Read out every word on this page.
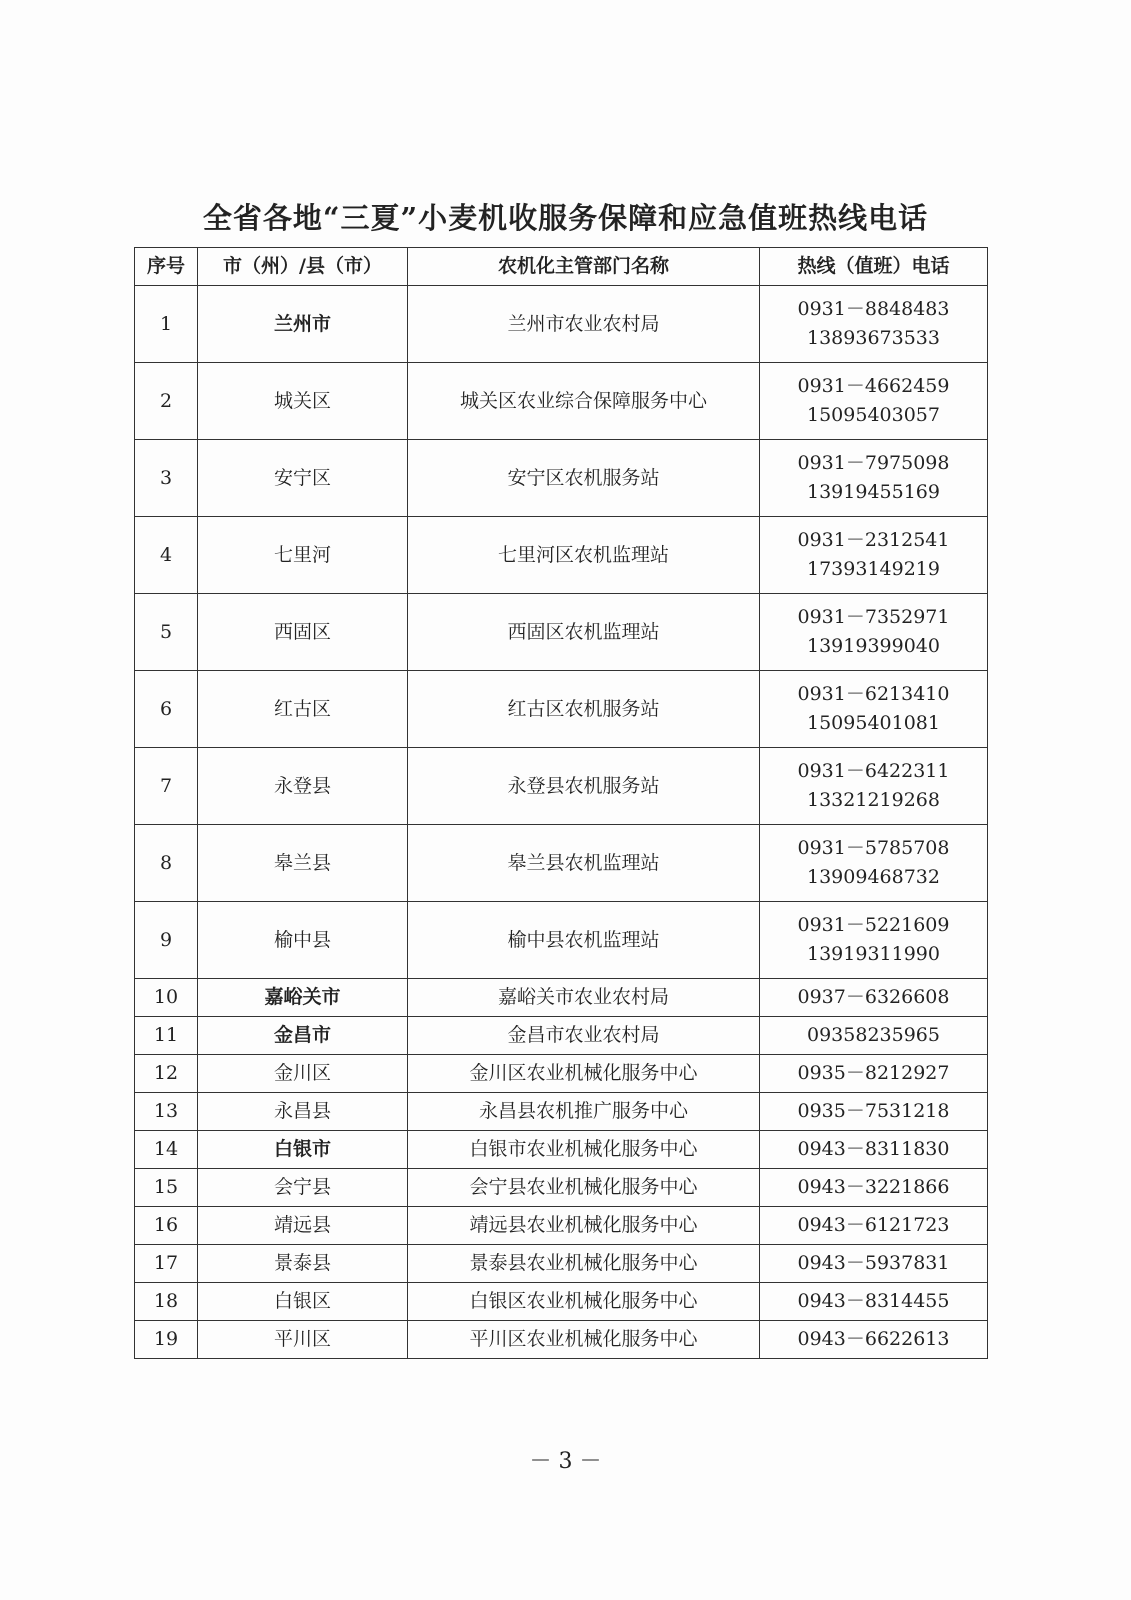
全省各地“三夏”小麦机收服务保障和应急值班热线电话
序号	市（州）/县（市）	农机化主管部门名称	热线（值班）电话
1	兰州市	兰州市农业农村局	0931－8848483
13893673533

2	城关区	城关区农业综合保障服务中心	0931－4662459
15095403057

3	安宁区	安宁区农机服务站	0931－7975098
13919455169

4	七里河	七里河区农机监理站	0931－2312541
17393149219

5	西固区	西固区农机监理站	0931－7352971
13919399040

6	红古区	红古区农机服务站	0931－6213410
15095401081

7	永登县	永登县农机服务站	0931－6422311
13321219268

8	皋兰县	皋兰县农机监理站	0931－5785708
13909468732

9	榆中县	榆中县农机监理站	0931－5221609
13919311990

10	嘉峪关市	嘉峪关市农业农村局	0937－6326608

11	金昌市	金昌市农业农村局	09358235965

12	金川区	金川区农业机械化服务中心	0935－8212927

13	永昌县	永昌县农机推广服务中心	0935－7531218

14	白银市	白银市农业机械化服务中心	0943－8311830

15	会宁县	会宁县农业机械化服务中心	0943－3221866

16	靖远县	靖远县农业机械化服务中心	0943－6121723

17	景泰县	景泰县农业机械化服务中心	0943－5937831

18	白银区	白银区农业机械化服务中心	0943－8314455

19	平川区	平川区农业机械化服务中心	0943－6622613
－ 3 －
